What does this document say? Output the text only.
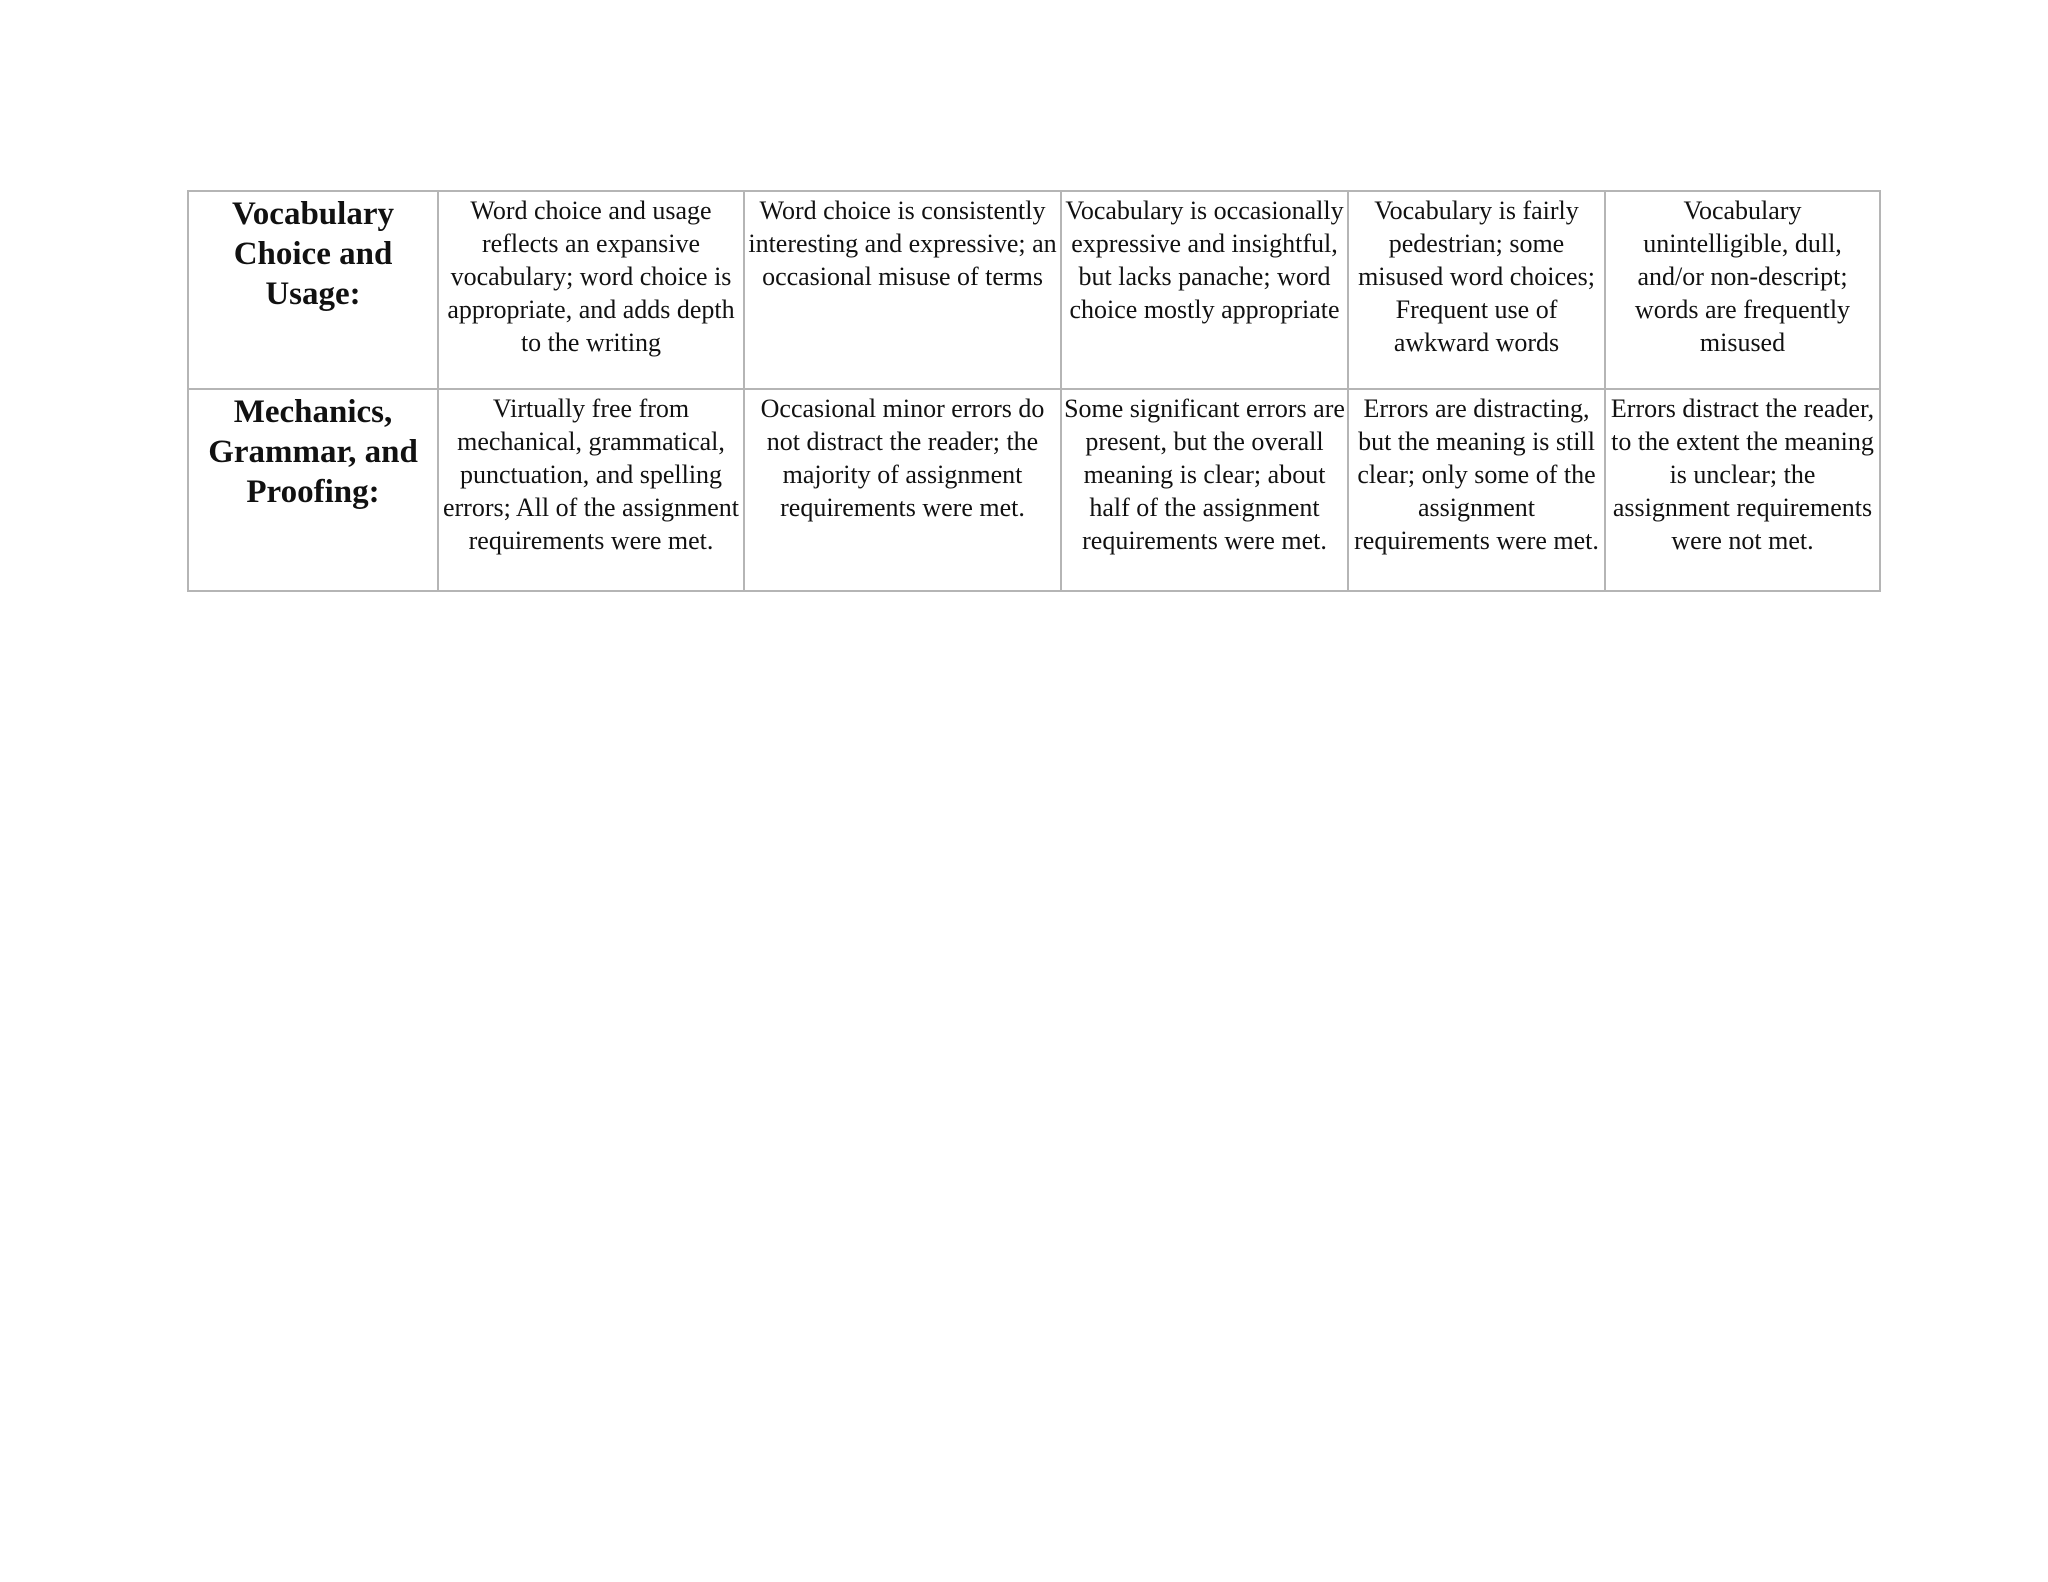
Vocabulary Choice and Usage:	Word choice and usage reflects an expansive vocabulary; word choice is appropriate, and adds depth to the writing	Word choice is consistently interesting and expressive; an occasional misuse of terms	Vocabulary is occasionally expressive and insightful, but lacks panache; word choice mostly appropriate	Vocabulary is fairly pedestrian; some misused word choices; Frequent use of awkward words	Vocabulary unintelligible, dull, and/or non-descript; words are frequently misused
Mechanics, Grammar, and Proofing:	Virtually free from mechanical, grammatical, punctuation, and spelling errors; All of the assignment requirements were met.	Occasional minor errors do not distract the reader; the majority of assignment requirements were met.	Some significant errors are present, but the overall meaning is clear; about half of the assignment requirements were met.	Errors are distracting, but the meaning is still clear; only some of the assignment requirements were met.	Errors distract the reader, to the extent the meaning is unclear; the assignment requirements were not met.
